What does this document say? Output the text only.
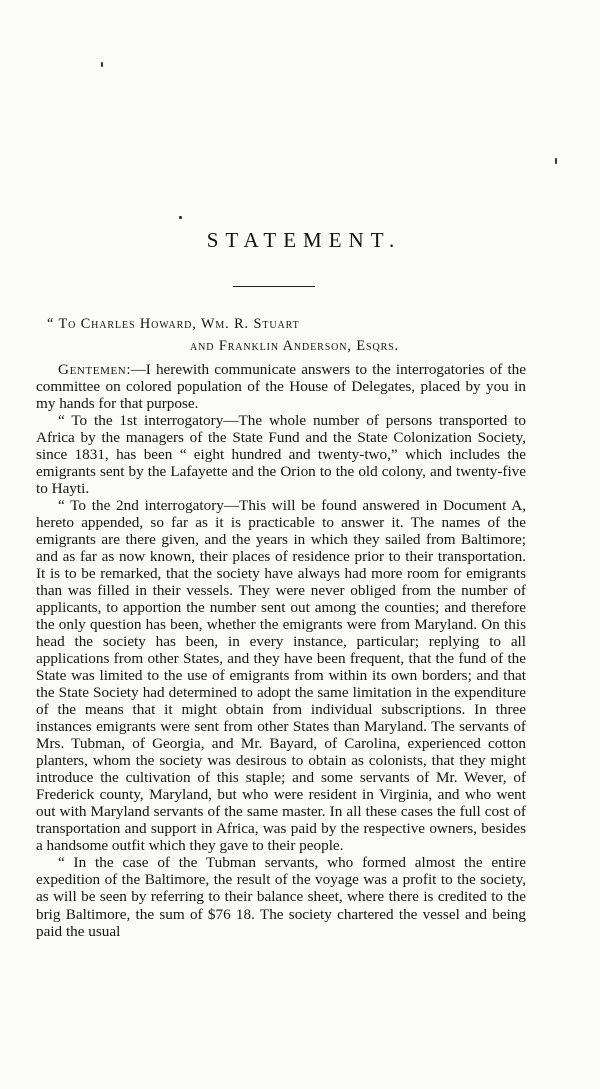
STATEMENT.
“ To Charles Howard, Wm. R. Stuart
and Franklin Anderson, Esqrs.

Gentemen:—I herewith communicate answers to the interrogatories of the committee on colored population of the House of Delegates, placed by you in my hands for that purpose.

“ To the 1st interrogatory—The whole number of persons transported to Africa by the managers of the State Fund and the State Colonization Society, since 1831, has been “ eight hundred and twenty-two,” which includes the emigrants sent by the Lafayette and the Orion to the old colony, and twenty-five to Hayti.

“ To the 2nd interrogatory—This will be found answered in Document A, hereto appended, so far as it is practicable to answer it. The names of the emigrants are there given, and the years in which they sailed from Baltimore; and as far as now known, their places of residence prior to their transportation. It is to be remarked, that the society have always had more room for emigrants than was filled in their vessels. They were never obliged from the number of applicants, to apportion the number sent out among the counties; and therefore the only question has been, whether the emigrants were from Maryland. On this head the society has been, in every instance, particular; replying to all applications from other States, and they have been frequent, that the fund of the State was limited to the use of emigrants from within its own borders; and that the State Society had determined to adopt the same limitation in the expenditure of the means that it might obtain from individual subscriptions. In three instances emigrants were sent from other States than Maryland. The servants of Mrs. Tubman, of Georgia, and Mr. Bayard, of Carolina, experienced cotton planters, whom the society was desirous to obtain as colonists, that they might introduce the cultivation of this staple; and some servants of Mr. Wever, of Frederick county, Maryland, but who were resident in Virginia, and who went out with Maryland servants of the same master. In all these cases the full cost of transportation and support in Africa, was paid by the respective owners, besides a handsome outfit which they gave to their people.

“ In the case of the Tubman servants, who formed almost the entire expedition of the Baltimore, the result of the voyage was a profit to the society, as will be seen by referring to their balance sheet, where there is credited to the brig Baltimore, the sum of $76 18. The society chartered the vessel and being paid the usual
